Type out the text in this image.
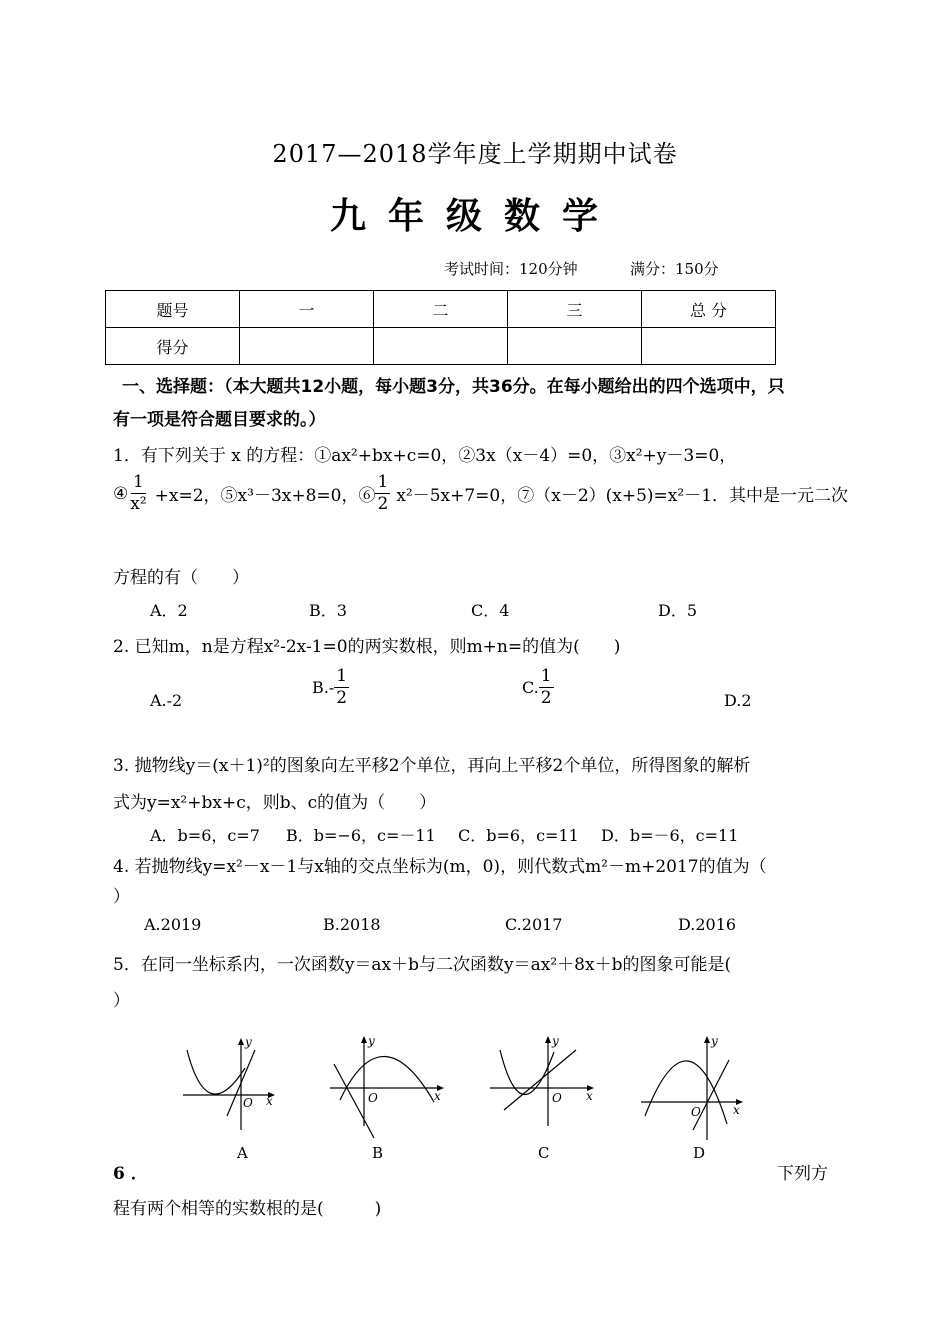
2017—2018学年度上学期期中试卷
九年级数学
考试时间：120分钟	满分：150分
题号	一	二	三	总 分
得分				
一、选择题：（本大题共12小题，每小题3分，共36分。在每小题给出的四个选项中，只
有一项是符合题目要求的。）
1．有下列关于 x 的方程：①ax²+bx+c=0，②3x（x－4）=0，③x²+y－3=0，
④ $\frac{1}{\text{x²}} +x=2$，⑤x³－3x+8=0，⑥ $\frac{1}{2} x^2-5x+7=0$，⑦（x－2）(x+5)=x²－1．其中是一元二次
方程的有（　　）
A．2	B．3	C．4	D．5
2. 已知m，n是方程x²-2x-1=0的两实数根，则m+n=的值为(　　)
A.-2
$B.- \frac{1}{2}$	C. $\frac{1}{2}$	D.2
3. 抛物线y＝(x＋1)²的图象向左平移2个单位，再向上平移2个单位，所得图象的解析
式为y=x²+bx+c，则b、c的值为（　　）
A．b=6，c=7 B．b=−6，c=－11 C．b=6，c=11 D．b=－6，c=11
4. 若抛物线y=x²－x－1与x轴的交点坐标为(m，0)，则代数式m²－m+2017的值为（
）
A.2019	B.2018	C.2017	D.2016
5．在同一坐标系内，一次函数y＝ax＋b与二次函数y＝ax²＋8x＋b的图象可能是(
）
x
y
O
A
x
y
O
B
x
y
O
C
x
y
O
D
6 ．	下列方
程有两个相等的实数根的是(　　　)
